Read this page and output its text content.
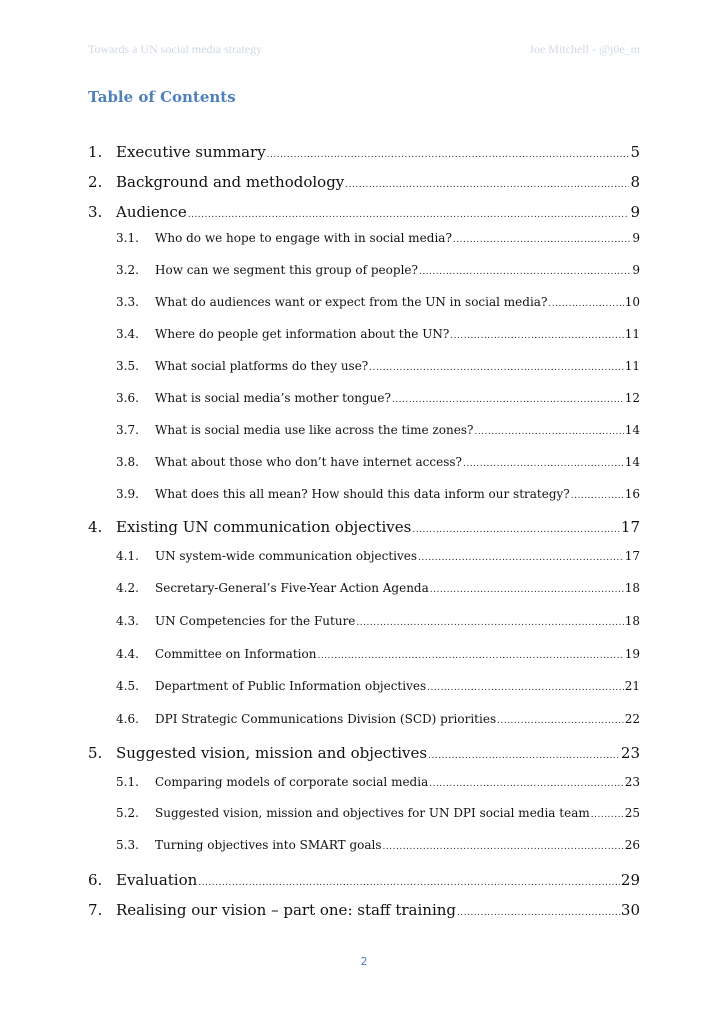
Towards a UN social media strategy	Joe Mitchell - @j0e_m
Table of Contents
1. Executive summary .....	5
2. Background and methodology .....	8
3. Audience .....	9
3.1.	Who do we hope to engage with in social media? .....	9
3.2.	How can we segment this group of people? .....	9
3.3.	What do audiences want or expect from the UN in social media? .....	10
3.4.	Where do people get information about the UN? .....	11
3.5.	What social platforms do they use? .....	11
3.6.	What is social media’s mother tongue? .....	12
3.7.	What is social media use like across the time zones? .....	14
3.8.	What about those who don’t have internet access? .....	14
3.9.	What does this all mean? How should this data inform our strategy? .....	16
4. Existing UN communication objectives .....	17
4.1.	UN system-wide communication objectives .....	17
4.2.	Secretary-General’s Five-Year Action Agenda .....	18
4.3.	UN Competencies for the Future .....	18
4.4.	Committee on Information .....	19
4.5.	Department of Public Information objectives .....	21
4.6.	DPI Strategic Communications Division (SCD) priorities .....	22
5. Suggested vision, mission and objectives .....	23
5.1.	Comparing models of corporate social media .....	23
5.2.	Suggested vision, mission and objectives for UN DPI social media team .....	25
5.3.	Turning objectives into SMART goals .....	26
6. Evaluation .....	29
7. Realising our vision – part one: staff training .....	30
2
